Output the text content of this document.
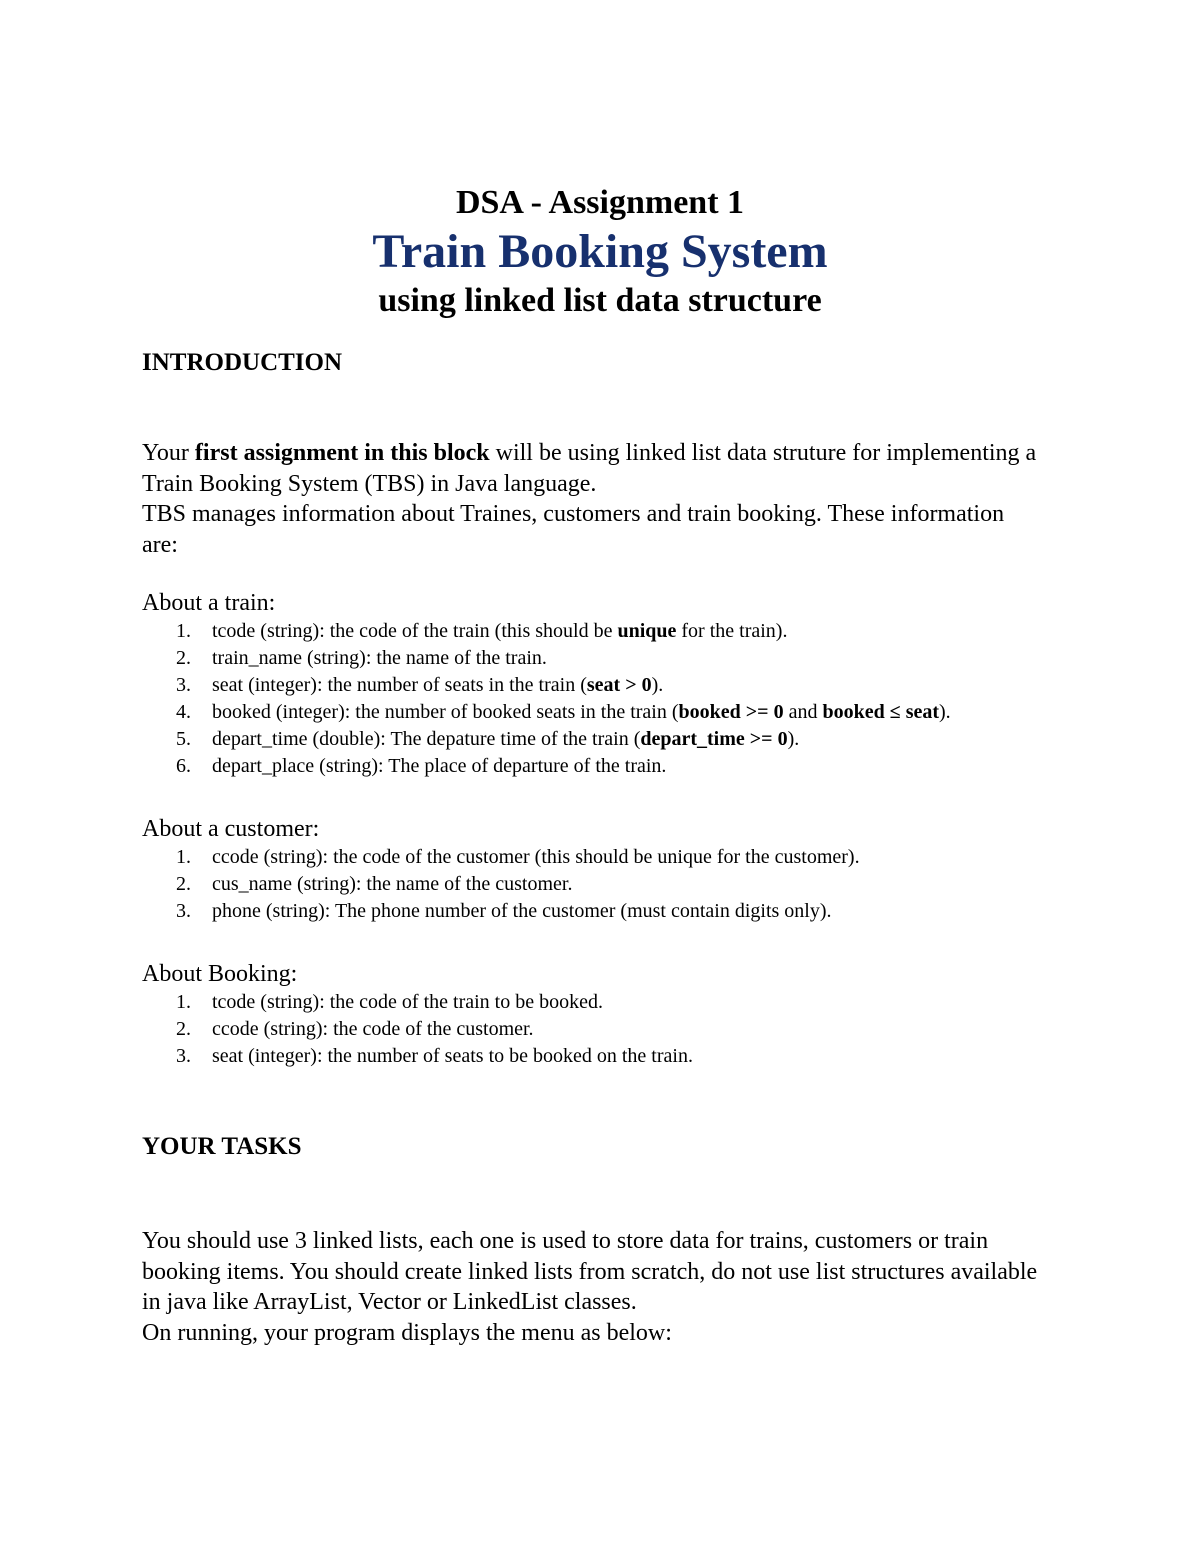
DSA - Assignment 1

Train Booking System

using linked list data structure

INTRODUCTION

Your first assignment in this block will be using linked list data struture for implementing a Train Booking System (TBS) in Java language.

TBS manages information about Traines, customers and train booking. These information are:

About a train:

1. tcode (string): the code of the train (this should be unique for the train).
2. train_name (string): the name of the train.
3. seat (integer): the number of seats in the train (seat > 0).
4. booked (integer): the number of booked seats in the train (booked >= 0 and booked ≤ seat).
5. depart_time (double): The depature time of the train (depart_time >= 0).
6. depart_place (string): The place of departure of the train.

About a customer:

1. ccode (string): the code of the customer (this should be unique for the customer).
2. cus_name (string): the name of the customer.
3. phone (string): The phone number of the customer (must contain digits only).

About Booking:

1. tcode (string): the code of the train to be booked.
2. ccode (string): the code of the customer.
3. seat (integer): the number of seats to be booked on the train.

YOUR TASKS

You should use 3 linked lists, each one is used to store data for trains, customers or train booking items. You should create linked lists from scratch, do not use list structures available in java like ArrayList, Vector or LinkedList classes.

On running, your program displays the menu as below:
